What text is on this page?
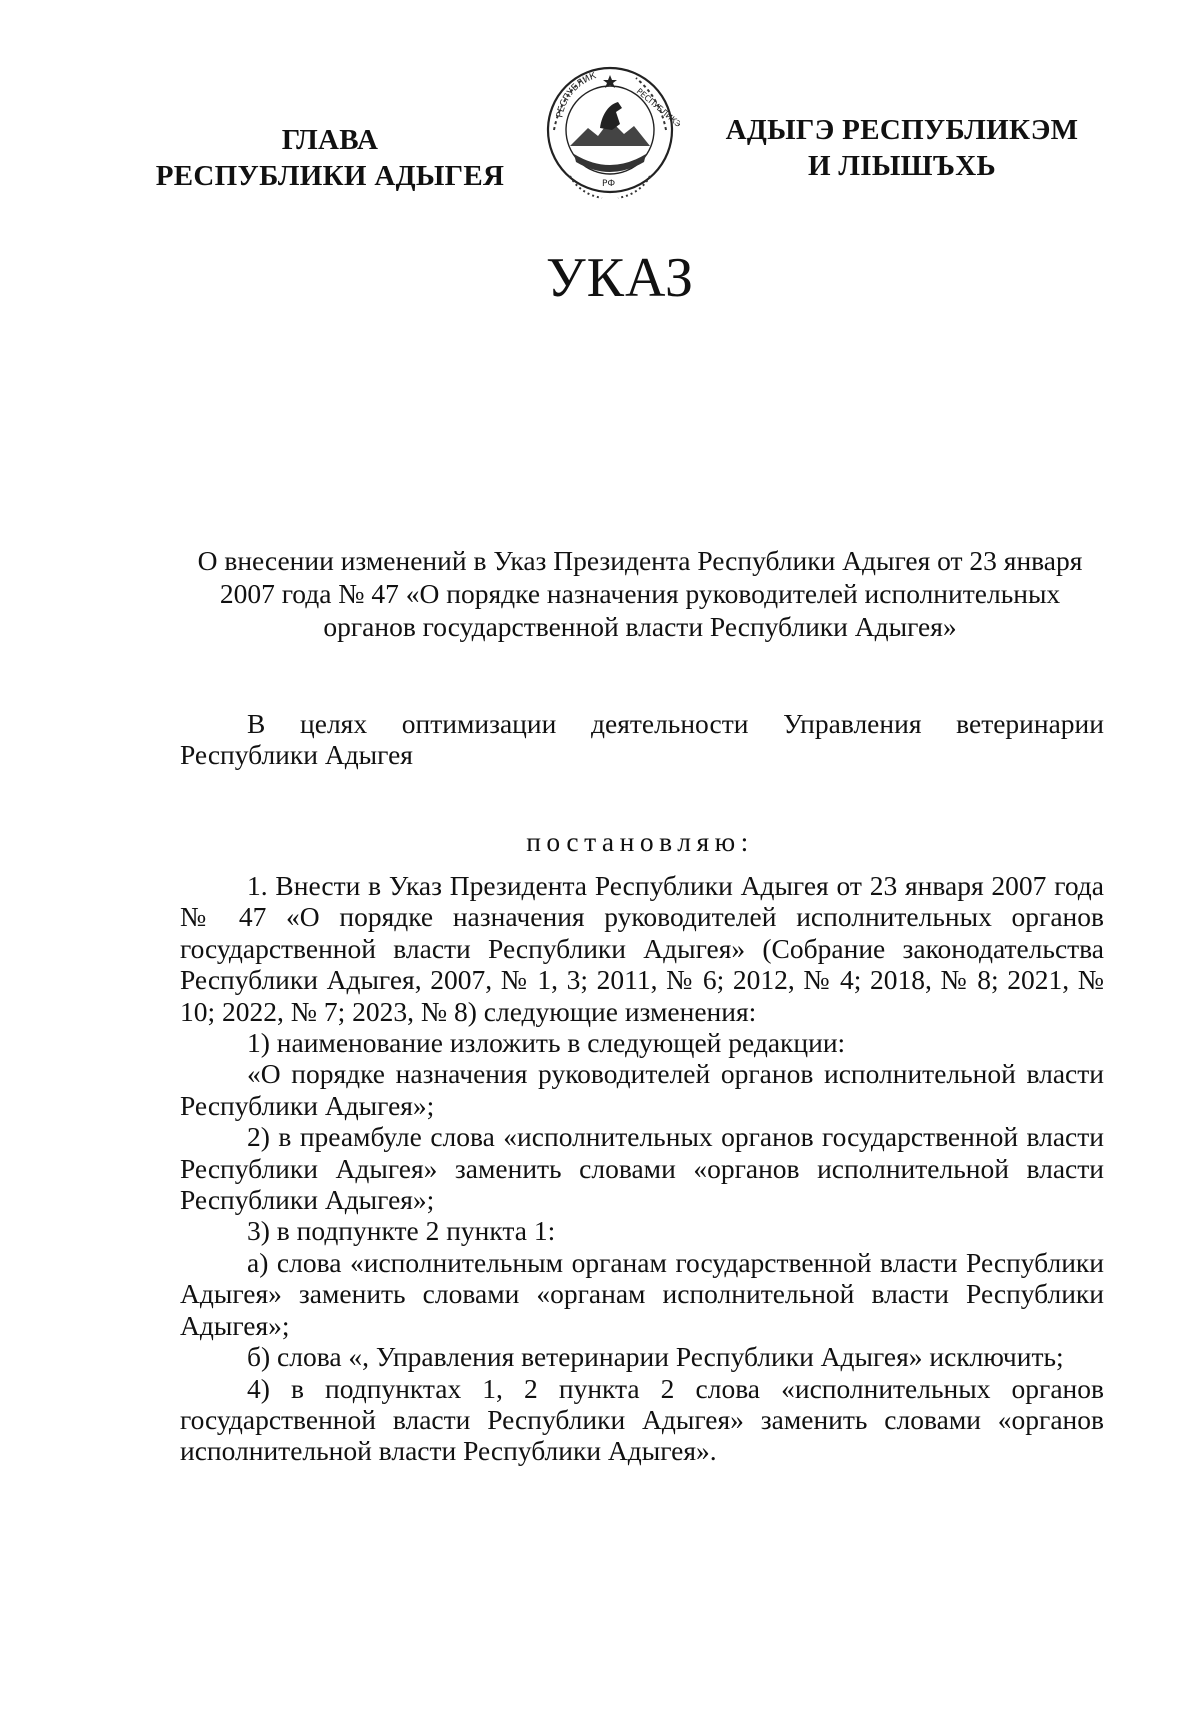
ГЛАВА
РЕСПУБЛИКИ АДЫГЕЯ
РЕСПУБЛИК
РЕСПУБЛИКЭ
РФ
АДЫГЭ РЕСПУБЛИКЭМ
И ЛІЫШЪХЬ
УКАЗ
О внесении изменений в Указ Президента Республики Адыгея от 23 января
2007 года № 47 «О порядке назначения руководителей исполнительных
органов государственной власти Республики Адыгея»

В целях оптимизации деятельности Управления ветеринарии Республики Адыгея

постановляю:

1. Внести в Указ Президента Республики Адыгея от 23 января 2007 года № 47 «О порядке назначения руководителей исполнительных органов государственной власти Республики Адыгея» (Собрание законодательства Республики Адыгея, 2007, № 1, 3; 2011, № 6; 2012, № 4; 2018, № 8; 2021, № 10; 2022, № 7; 2023, № 8) следующие изменения:

1) наименование изложить в следующей редакции:

«О порядке назначения руководителей органов исполнительной власти Республики Адыгея»;

2) в преамбуле слова «исполнительных органов государственной власти Республики Адыгея» заменить словами «органов исполнительной власти Республики Адыгея»;

3) в подпункте 2 пункта 1:

а) слова «исполнительным органам государственной власти Республики Адыгея» заменить словами «органам исполнительной власти Республики Адыгея»;

б) слова «, Управления ветеринарии Республики Адыгея» исключить;

4) в подпунктах 1, 2 пункта 2 слова «исполнительных органов государственной власти Республики Адыгея» заменить словами «органов исполнительной власти Республики Адыгея».
